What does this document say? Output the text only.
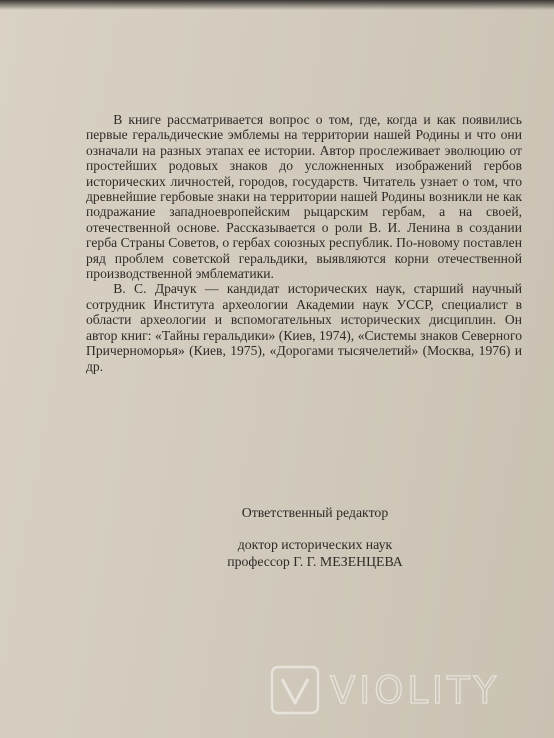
В книге рассматривается вопрос о том, где, когда и как появились первые геральдические эмблемы на территории нашей Родины и что они означали на разных этапах ее истории. Автор прослеживает эволюцию от простейших родовых знаков до усложненных изображений гербов исторических личностей, городов, государств. Читатель узнает о том, что древнейшие гербовые знаки на территории нашей Родины возникли не как подражание западноевропейским рыцарским гербам, а на своей, отечественной основе. Рассказывается о роли В. И. Ленина в создании герба Страны Советов, о гербах союзных республик. По-новому поставлен ряд проблем советской геральдики, выявляются корни отечественной производственной эмблематики.

В. С. Драчук — кандидат исторических наук, старший научный сотрудник Института археологии Академии наук УССР, специалист в области археологии и вспомогательных исторических дисциплин. Он автор книг: «Тайны геральдики» (Киев, 1974), «Системы знаков Северного Причерноморья» (Киев, 1975), «Дорогами тысячелетий» (Москва, 1976) и др.

Ответственный редактор
доктор исторических наук
профессор Г. Г. МЕЗЕНЦЕВА
VIOLITY
